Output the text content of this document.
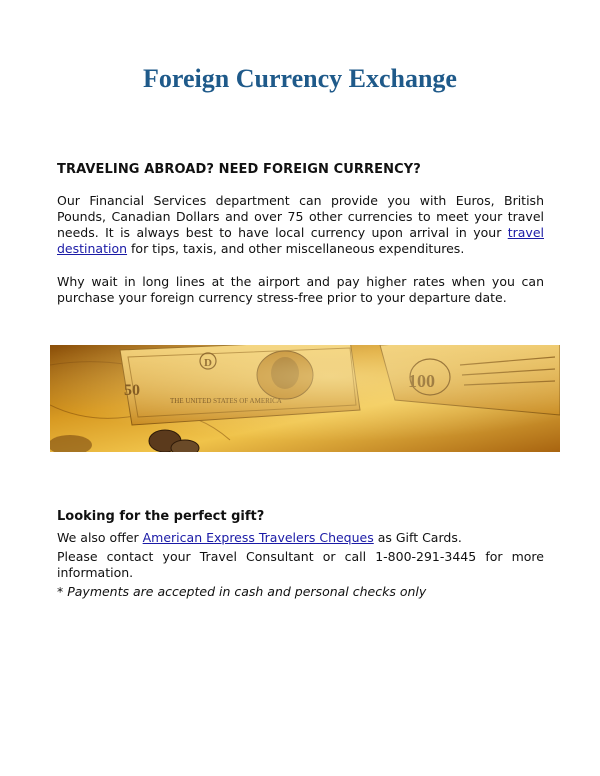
Foreign Currency Exchange
TRAVELING ABROAD? NEED FOREIGN CURRENCY?

Our Financial Services department can provide you with Euros, British Pounds, Canadian Dollars and over 75 other currencies to meet your travel needs. It is always best to have local currency upon arrival in your travel destination for tips, taxis, and other miscellaneous expenditures.

Why wait in long lines at the airport and pay higher rates when you can purchase your foreign currency stress-free prior to your departure date.

Looking for the perfect gift?

We also offer American Express Travelers Cheques as Gift Cards.

Please contact your Travel Consultant or call 1-800-291-3445 for more information.

* Payments are accepted in cash and personal checks only
